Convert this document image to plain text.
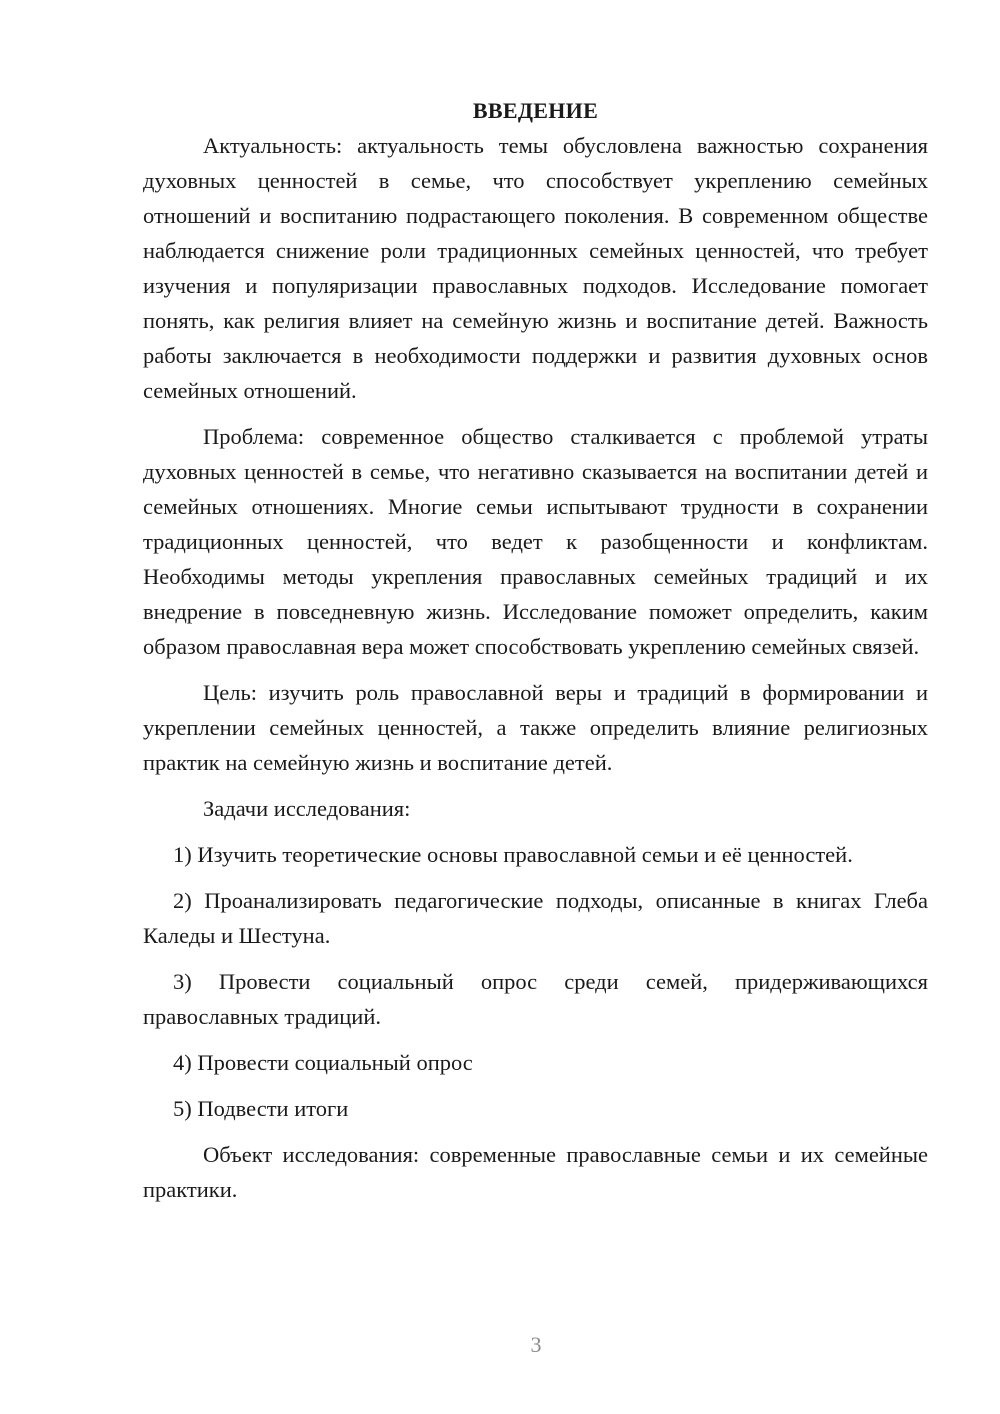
ВВЕДЕНИЕ

Актуальность: актуальность темы обусловлена важностью сохранения духовных ценностей в семье, что способствует укреплению семейных отношений и воспитанию подрастающего поколения. В современном обществе наблюдается снижение роли традиционных семейных ценностей, что требует изучения и популяризации православных подходов. Исследование помогает понять, как религия влияет на семейную жизнь и воспитание детей. Важность работы заключается в необходимости поддержки и развития духовных основ семейных отношений.

Проблема: современное общество сталкивается с проблемой утраты духовных ценностей в семье, что негативно сказывается на воспитании детей и семейных отношениях. Многие семьи испытывают трудности в сохранении традиционных ценностей, что ведет к разобщенности и конфликтам. Необходимы методы укрепления православных семейных традиций и их внедрение в повседневную жизнь. Исследование поможет определить, каким образом православная вера может способствовать укреплению семейных связей.

Цель: изучить роль православной веры и традиций в формировании и укреплении семейных ценностей, а также определить влияние религиозных практик на семейную жизнь и воспитание детей.

Задачи исследования:

1) Изучить теоретические основы православной семьи и её ценностей.

2) Проанализировать педагогические подходы, описанные в книгах Глеба Каледы и Шестуна.

3) Провести социальный опрос среди семей, придерживающихся православных традиций.

4) Провести социальный опрос

5) Подвести итоги

Объект исследования: современные православные семьи и их семейные практики.

3
